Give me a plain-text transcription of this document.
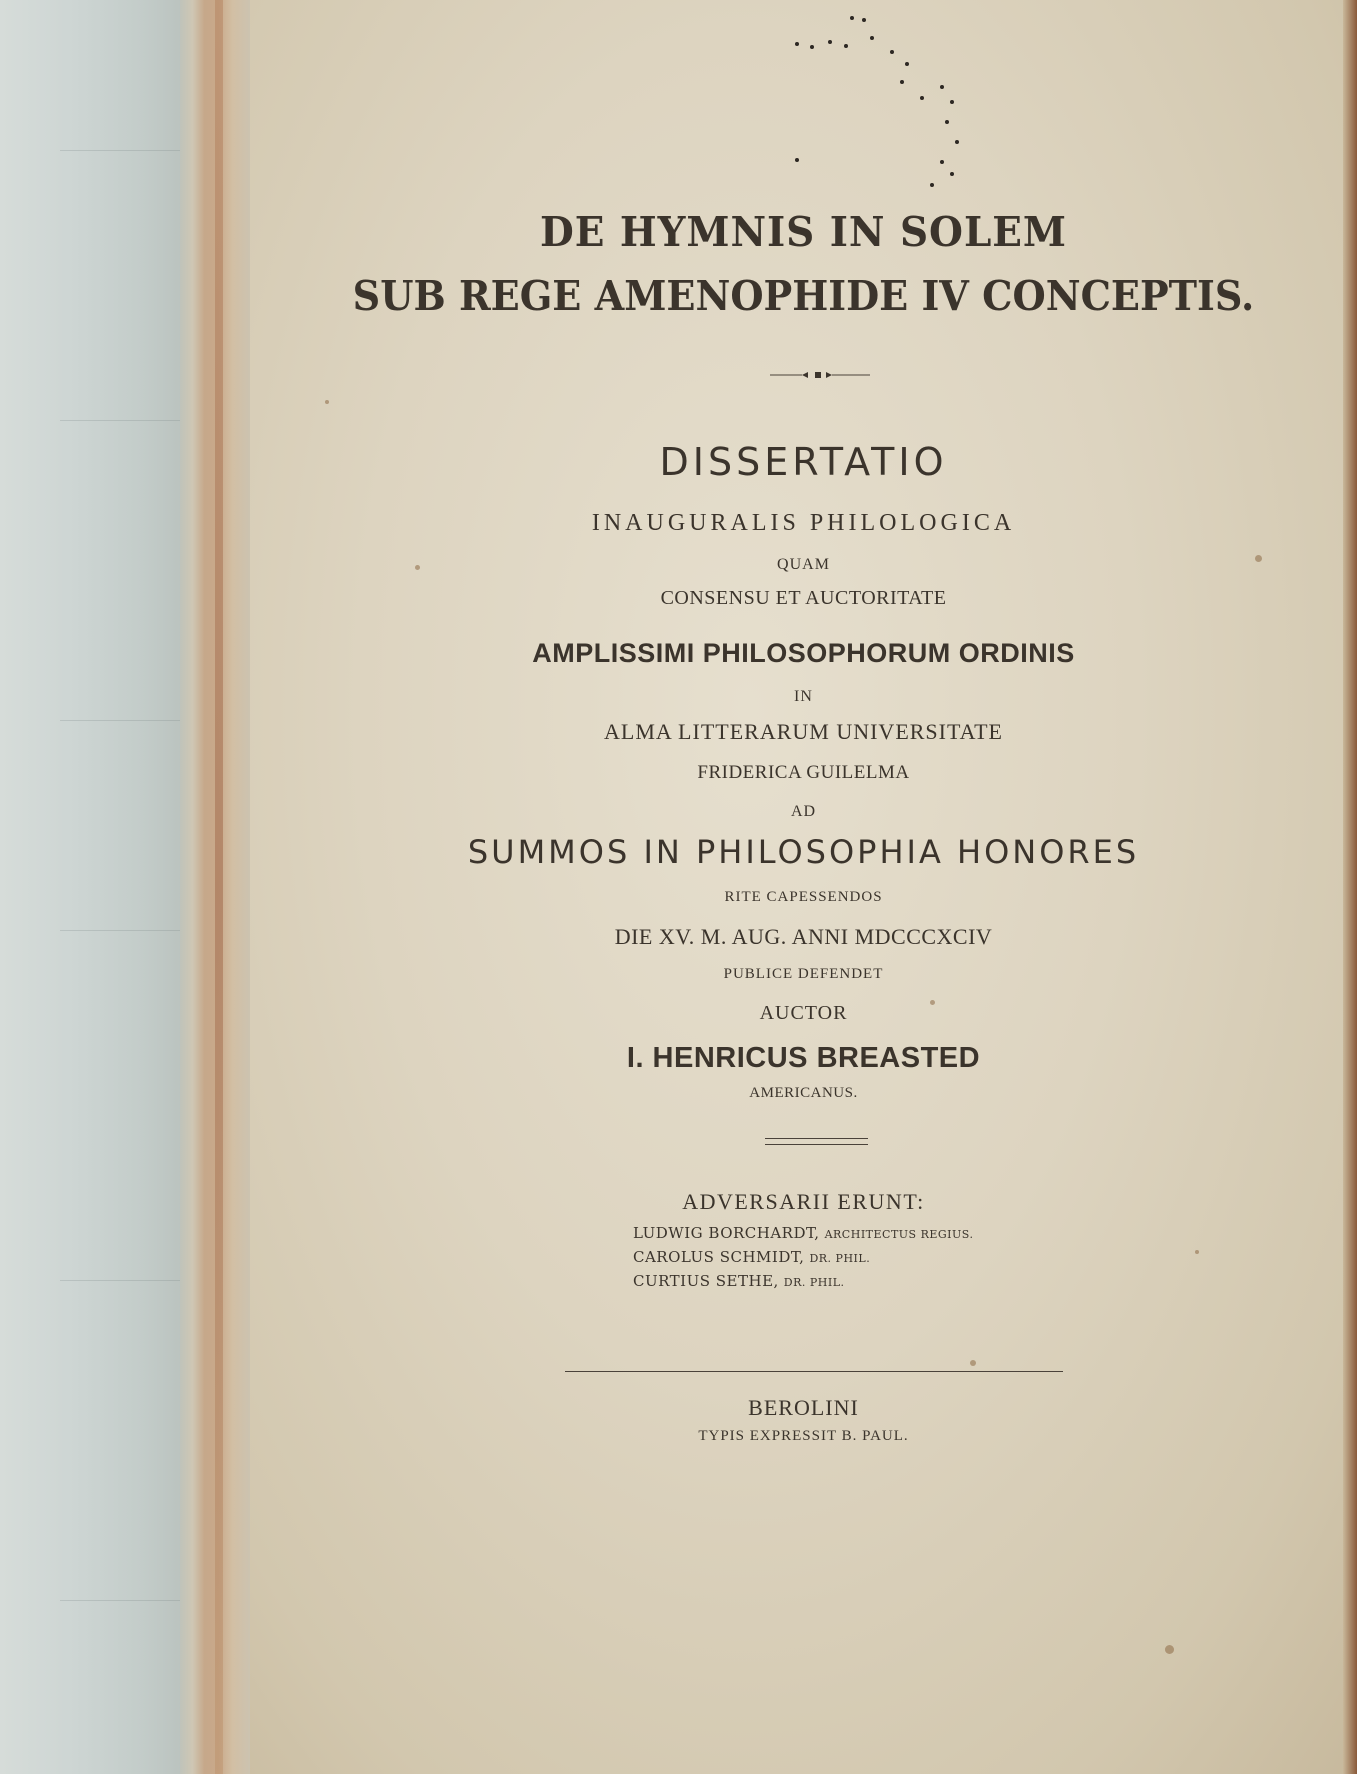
DE HYMNIS IN SOLEM
SUB REGE AMENOPHIDE IV CONCEPTIS.
DISSERTATIO
INAUGURALIS PHILOLOGICA
QUAM
CONSENSU ET AUCTORITATE
AMPLISSIMI PHILOSOPHORUM ORDINIS
IN
ALMA LITTERARUM UNIVERSITATE
FRIDERICA GUILELMA
AD
SUMMOS IN PHILOSOPHIA HONORES
RITE CAPESSENDOS
DIE XV. M. AUG. ANNI MDCCCXCIV
PUBLICE DEFENDET
AUCTOR
I. HENRICUS BREASTED
AMERICANUS.
ADVERSARII ERUNT:
LUDWIG BORCHARDT, ARCHITECTUS REGIUS.
CAROLUS SCHMIDT, DR. PHIL.
CURTIUS SETHE, DR. PHIL.
BEROLINI
TYPIS EXPRESSIT B. PAUL.
